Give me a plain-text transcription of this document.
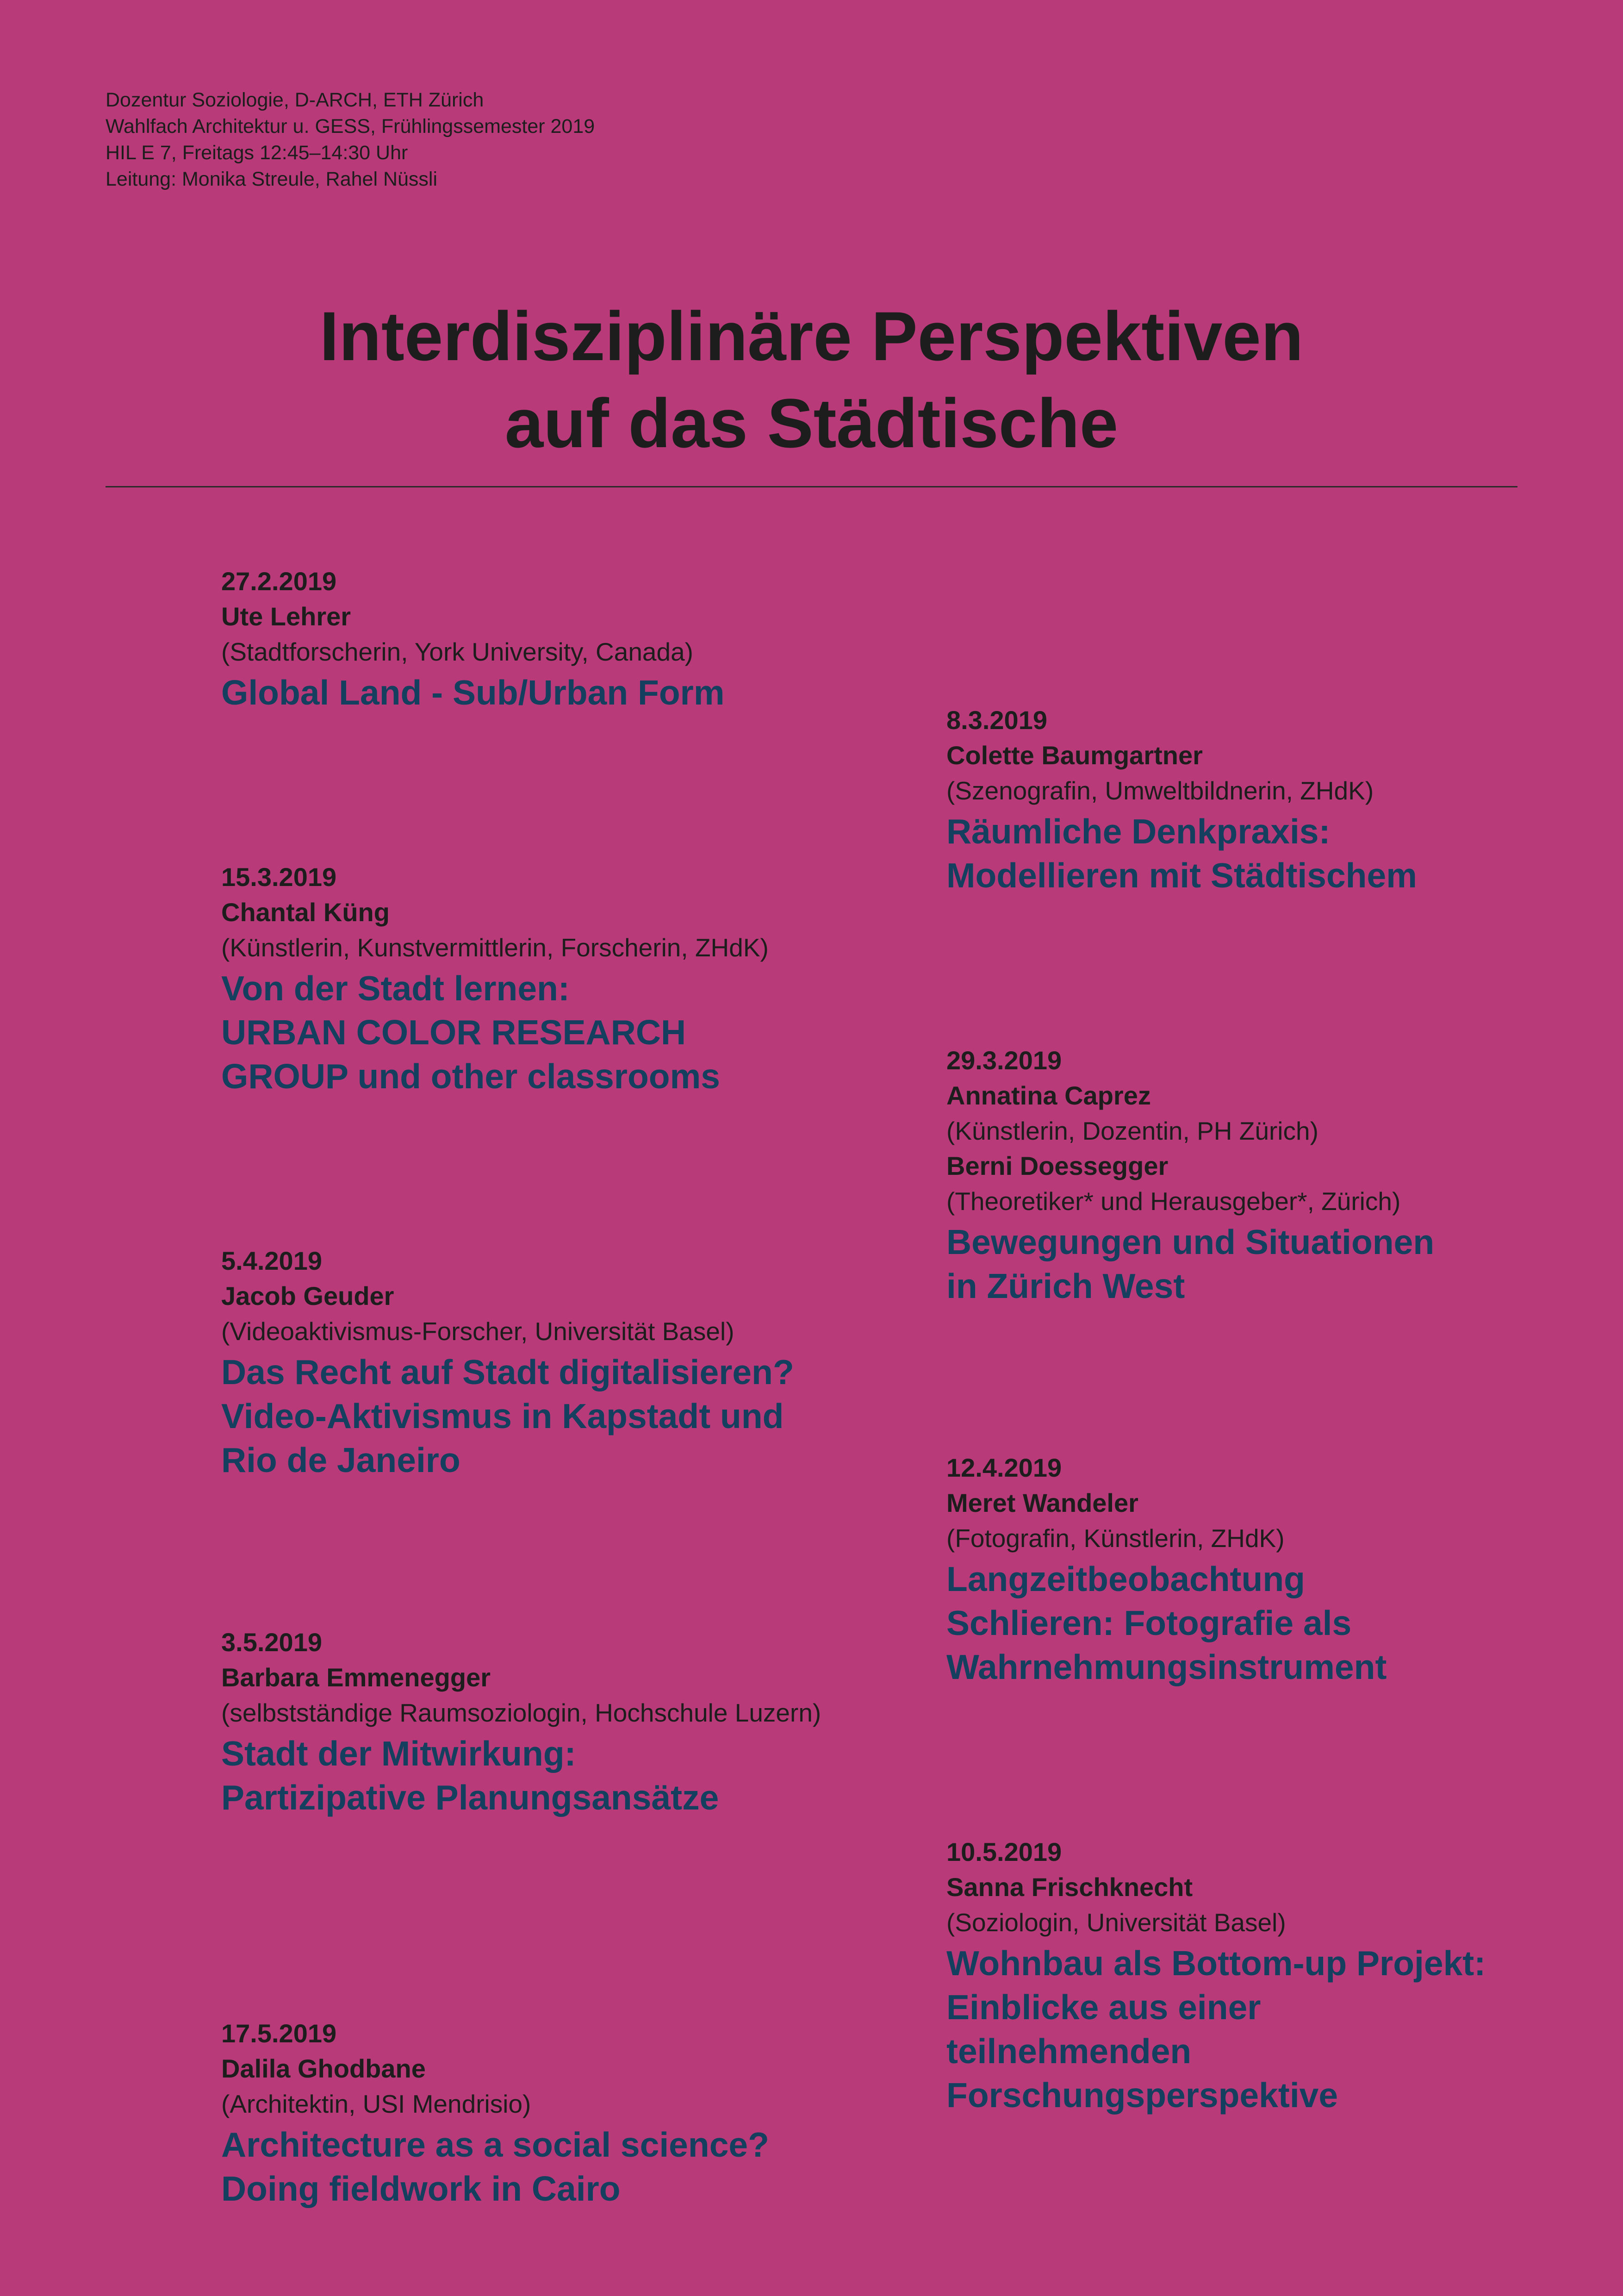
Dozentur Soziologie, D-ARCH, ETH Zürich
Wahlfach Architektur u. GESS, Frühlingssemester 2019
HIL E 7, Freitags 12:45–14:30 Uhr
Leitung: Monika Streule, Rahel Nüssli
Interdisziplinäre Perspektiven
auf das Städtische
27.2.2019
Ute Lehrer
(Stadtforscherin, York University, Canada)
Global Land - Sub/Urban Form
15.3.2019
Chantal Küng
(Künstlerin, Kunstvermittlerin, Forscherin, ZHdK)
Von der Stadt lernen:
URBAN COLOR RESEARCH
GROUP und other classrooms
5.4.2019
Jacob Geuder
(Videoaktivismus-Forscher, Universität Basel)
Das Recht auf Stadt digitalisieren?
Video-Aktivismus in Kapstadt und
Rio de Janeiro
3.5.2019
Barbara Emmenegger
(selbstständige Raumsoziologin, Hochschule Luzern)
Stadt der Mitwirkung:
Partizipative Planungsansätze
17.5.2019
Dalila Ghodbane
(Architektin, USI Mendrisio)
Architecture as a social science?
Doing fieldwork in Cairo
8.3.2019
Colette Baumgartner
(Szenografin, Umweltbildnerin, ZHdK)
Räumliche Denkpraxis:
Modellieren mit Städtischem
29.3.2019
Annatina Caprez
(Künstlerin, Dozentin, PH Zürich)
Berni Doessegger
(Theoretiker* und Herausgeber*, Zürich)
Bewegungen und Situationen
in Zürich West
12.4.2019
Meret Wandeler
(Fotografin, Künstlerin, ZHdK)
Langzeitbeobachtung
Schlieren: Fotografie als
Wahrnehmungsinstrument
10.5.2019
Sanna Frischknecht
(Soziologin, Universität Basel)
Wohnbau als Bottom-up Projekt:
Einblicke aus einer
teilnehmenden
Forschungsperspektive
